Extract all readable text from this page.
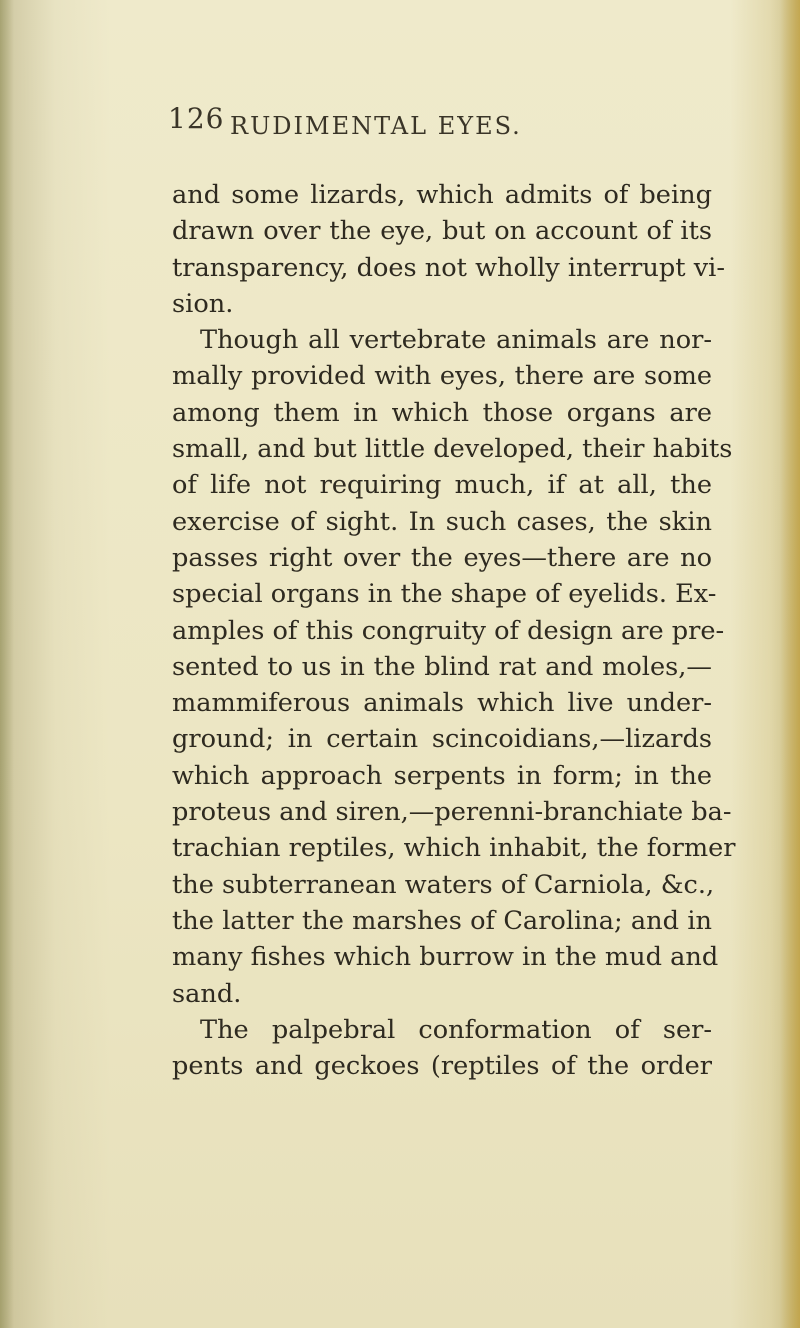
126 RUDIMENTAL EYES.
and some lizards, which admits of being
drawn over the eye, but on account of its
transparency, does not wholly interrupt vi-
sion.
Though all vertebrate animals are nor-
mally provided with eyes, there are some
among them in which those organs are
small, and but little developed, their habits
of life not requiring much, if at all, the
exercise of sight. In such cases, the skin
passes right over the eyes—there are no
special organs in the shape of eyelids. Ex-
amples of this congruity of design are pre-
sented to us in the blind rat and moles,—
mammiferous animals which live under-
ground; in certain scincoidians,—lizards
which approach serpents in form; in the
proteus and siren,—perenni-branchiate ba-
trachian reptiles, which inhabit, the former
the subterranean waters of Carniola, &c.,
the latter the marshes of Carolina; and in
many fishes which burrow in the mud and
sand.
The palpebral conformation of ser-
pents and geckoes (reptiles of the order
